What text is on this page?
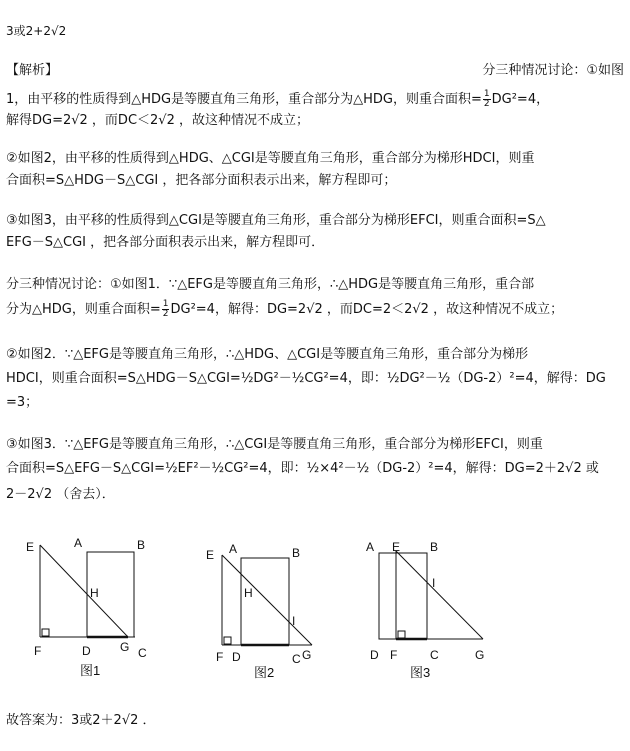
3或2+2√2
【解析】	分三种情况讨论：①如图
1，由平移的性质得到△HDG是等腰直角三角形，重合部分为△HDG，则重合面积= $\frac{1}{2} DG^2=4$，
解得DG=2√2 ，而DC＜2√2 ，故这种情况不成立；
②如图2，由平移的性质得到△HDG、△CGI是等腰直角三角形，重合部分为梯形HDCI，则重
合面积=S△HDG－S△CGI ，把各部分面积表示出来，解方程即可；
③如图3，由平移的性质得到△CGI是等腰直角三角形，重合部分为梯形EFCI，则重合面积=S△
EFG－S△CGI ，把各部分面积表示出来，解方程即可．
分三种情况讨论：①如图1．∵△EFG是等腰直角三角形，∴△HDG是等腰直角三角形，重合部
分为△HDG，则重合面积= $\frac{1}{2} DG^2=4$，解得：DG=2√2 ，而DC=2＜2√2 ，故这种情况不成立；
②如图2．∵△EFG是等腰直角三角形，∴△HDG、△CGI是等腰直角三角形，重合部分为梯形
HDCI，则重合面积=S△HDG－S△CGI=½DG²－½CG²=4，即：½DG²－½（DG-2）²=4，解得：DG
=3；
③如图3．∵△EFG是等腰直角三角形，∴△CGI是等腰直角三角形，重合部分为梯形EFCI，则重
合面积=S△EFG－S△CGI=½EF²－½CG²=4，即：½×4²－½（DG-2）²=4，解得：DG=2＋2√2 或
2－2√2 （舍去）．
E	A	B
H
F	D G C
图1
E A	B
H
I
F D	C G
图2
A E B
I
D F	C	G
图3
故答案为：3或2＋2√2 ．
